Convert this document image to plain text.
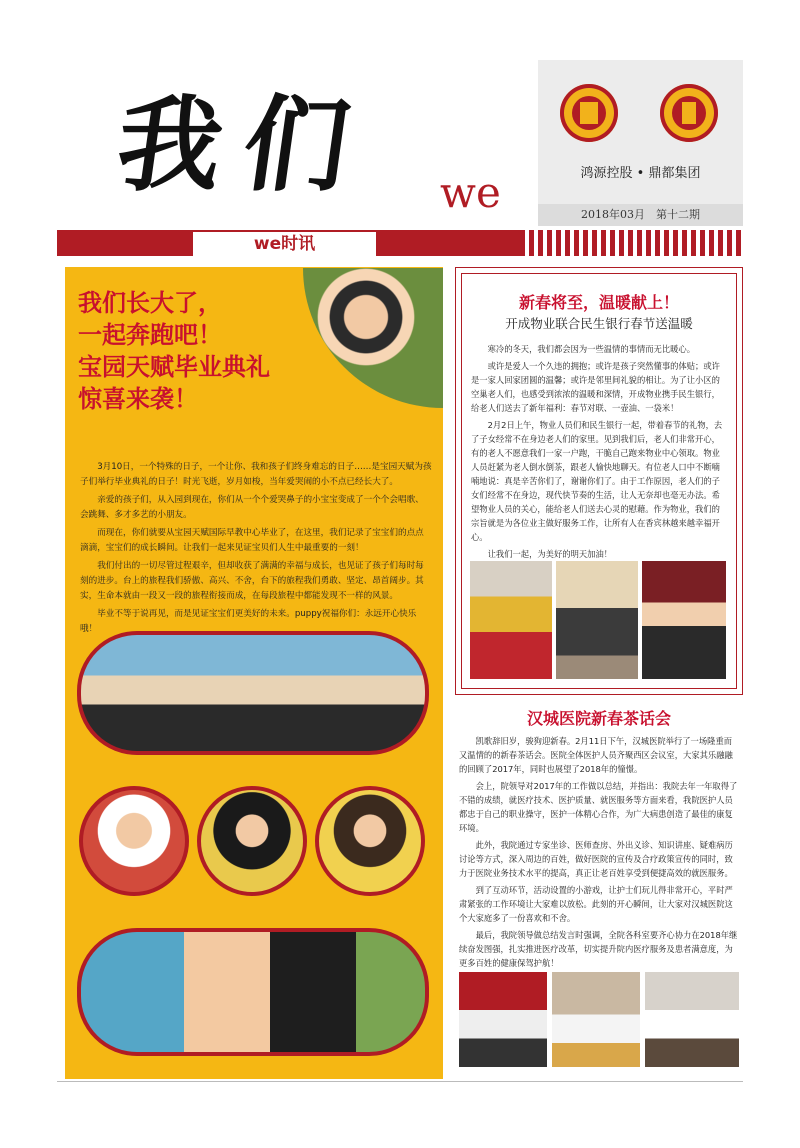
我们	we	鸿源控股 • 鼎都集团
2018年03月　第十二期
we时讯
我们长大了，
一起奔跑吧！
宝园天赋毕业典礼
惊喜来袭！

3月10日，一个特殊的日子，一个让你、我和孩子们终身难忘的日子……是宝园天赋为孩子们举行毕业典礼的日子！时光飞逝，岁月如梭，当年爱哭闹的小不点已经长大了。

亲爱的孩子们，从入园到现在，你们从一个个爱哭鼻子的小宝宝变成了一个个会唱歌、会跳舞、多才多艺的小朋友。

而现在，你们就要从宝园天赋国际早教中心毕业了，在这里，我们记录了宝宝们的点点滴滴，宝宝们的成长瞬间。让我们一起来见证宝贝们人生中最重要的一刻！

我们付出的一切尽管过程艰辛，但却收获了满满的幸福与成长，也见证了孩子们每时每刻的进步。台上的旅程我们骄傲、高兴、不舍，台下的旅程我们勇敢、坚定、昂首阔步。其实，生命本就由一段又一段的旅程衔接而成，在每段旅程中都能发现不一样的风景。

毕业不等于说再见，而是见证宝宝们更美好的未来。puppy祝福你们：永远开心快乐哦！

新春将至，温暖献上！
开成物业联合民生银行春节送温暖

寒冷的冬天，我们都会因为一些温情的事情而无比暖心。

或许是爱人一个久违的拥抱；或许是孩子突然懂事的体贴；或许是一家人回家团圆的温馨；或许是邻里间礼貌的相让。为了让小区的空巢老人们，也感受到浓浓的温暖和深情，开成物业携手民生银行，给老人们送去了新年福利：春节对联、一壶油、一袋米！

2月2日上午，物业人员们和民生银行一起，带着春节的礼物，去了子女经常不在身边老人们的家里。见到我们后，老人们非常开心，有的老人不愿意我们一家一户跑，干脆自己跑来物业中心领取。物业人员赶紧为老人倒水倒茶，跟老人愉快地聊天。有位老人口中不断喃喃地说：真是辛苦你们了，谢谢你们了。由于工作原因，老人们的子女们经常不在身边，现代快节奏的生活，让人无奈却也毫无办法。希望物业人员的关心，能给老人们送去心灵的慰藉。作为物业，我们的宗旨就是为各位业主做好服务工作，让所有人在香宾林越来越幸福开心。

让我们一起，为美好的明天加油！

汉城医院新春茶话会

凯歌辞旧岁，骏狗迎新春。2月11日下午，汉城医院举行了一场隆重而又温情的的新春茶话会。医院全体医护人员齐聚西区会议室，大家其乐融融的回顾了2017年，同时也展望了2018年的憧憬。

会上，院领导对2017年的工作做以总结，并指出：我院去年一年取得了不错的成绩，就医疗技术、医护质量、就医服务等方面来看，我院医护人员都忠于自己的职业操守，医护一体精心合作，为广大病患创造了最佳的康复环境。

此外，我院通过专家坐诊、医师查房、外出义诊、知识讲座、疑难病历讨论等方式，深入周边的百姓，做好医院的宣传及合疗政策宣传的同时，致力于医院业务技术水平的提高，真正让老百姓享受到便捷高效的就医服务。

到了互动环节，活动设置的小游戏，让护士们玩儿得非常开心，平时严肃紧张的工作环境让大家难以放松。此刻的开心瞬间，让大家对汉城医院这个大家庭多了一份喜欢和不舍。

最后，我院领导做总结发言时强调，全院各科室要齐心协力在2018年继续奋发图强，扎实推进医疗改革，切实提升院内医疗服务及患者满意度，为更多百姓的健康保驾护航！
